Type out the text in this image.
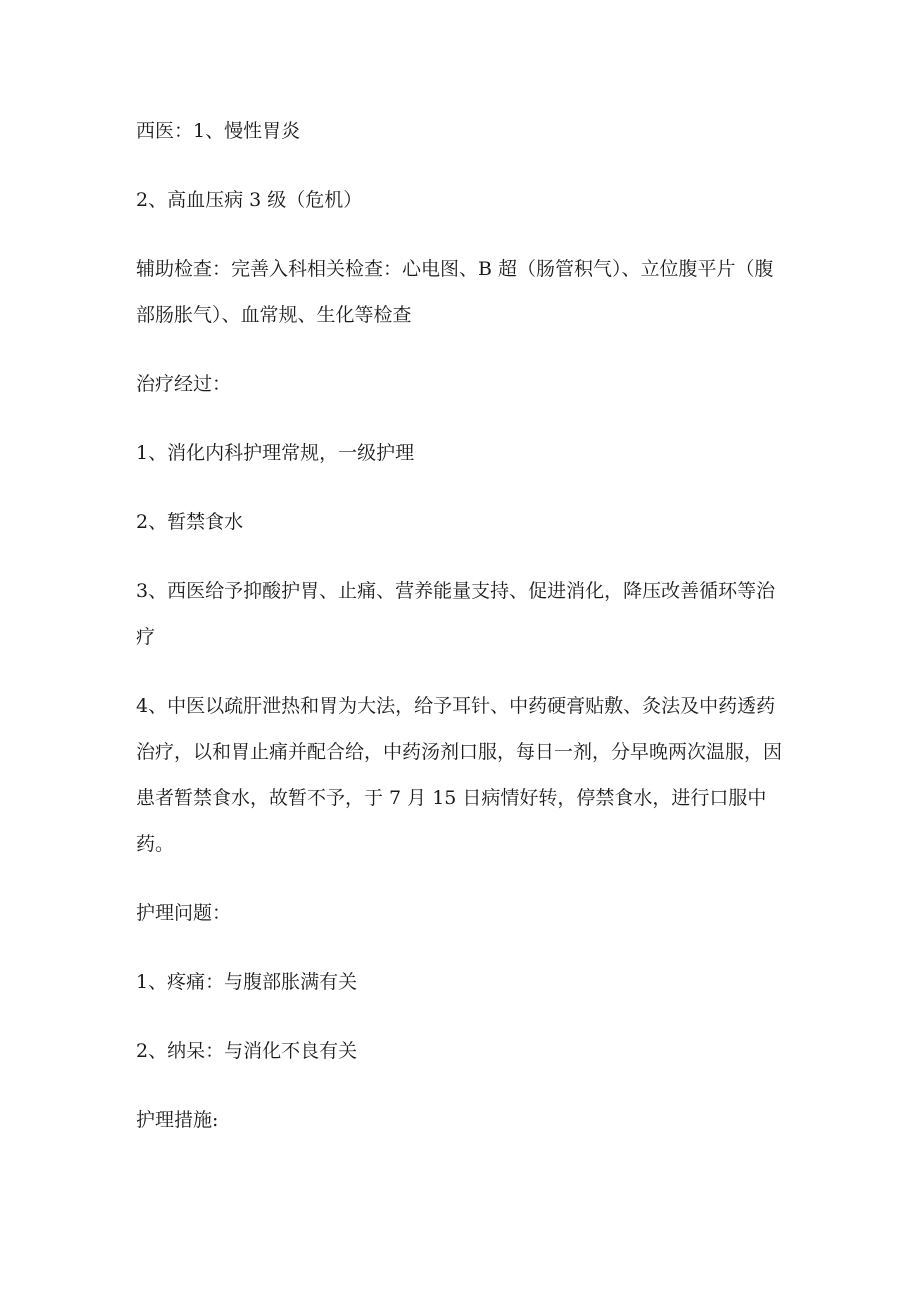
西医：1、慢性胃炎

2、高血压病 3 级（危机）

辅助检查：完善入科相关检查：心电图、B 超（肠管积气）、立位腹平片（腹部肠胀气）、血常规、生化等检查

治疗经过：

1、消化内科护理常规，一级护理

2、暂禁食水

3、西医给予抑酸护胃、止痛、营养能量支持、促进消化，降压改善循环等治疗

4、中医以疏肝泄热和胃为大法，给予耳针、中药硬膏贴敷、灸法及中药透药治疗，以和胃止痛并配合给，中药汤剂口服，每日一剂，分早晚两次温服，因患者暂禁食水，故暂不予，于 7 月 15 日病情好转，停禁食水，进行口服中药。

护理问题：

1、疼痛：与腹部胀满有关

2、纳呆：与消化不良有关

护理措施:
